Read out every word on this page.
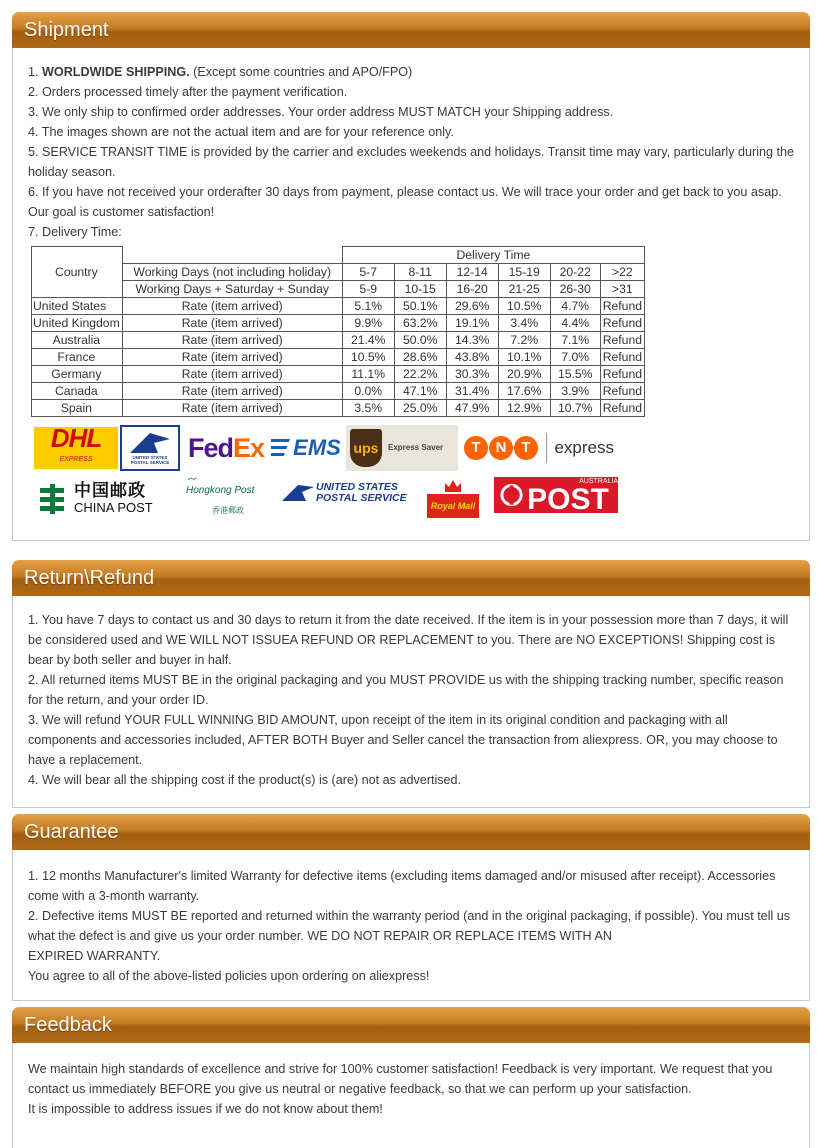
Shipment

1. WORLDWIDE SHIPPING. (Except some countries and APO/FPO)

2. Orders processed timely after the payment verification.

3. We only ship to confirmed order addresses. Your order address MUST MATCH your Shipping address.

4. The images shown are not the actual item and are for your reference only.

5. SERVICE TRANSIT TIME is provided by the carrier and excludes weekends and holidays. Transit time may vary, particularly during the holiday season.

6. If you have not received your orderafter 30 days from payment, please contact us. We will trace your order and get back to you asap. Our goal is customer satisfaction!

7. Delivery Time:

Country		Delivery Time					
	Working Days (not including holiday)	5-7	8-11	12-14	15-19	20-22	>22
	Working Days + Saturday + Sunday	5-9	10-15	16-20	21-25	26-30	>31
United States	Rate (item arrived)	5.1%	50.1%	29.6%	10.5%	4.7%	Refund
United Kingdom	Rate (item arrived)	9.9%	63.2%	19.1%	3.4%	4.4%	Refund
Australia	Rate (item arrived)	21.4%	50.0%	14.3%	7.2%	7.1%	Refund
France	Rate (item arrived)	10.5%	28.6%	43.8%	10.1%	7.0%	Refund
Germany	Rate (item arrived)	11.1%	22.2%	30.3%	20.9%	15.5%	Refund
Canada	Rate (item arrived)	0.0%	47.1%	31.4%	17.6%	3.9%	Refund
Spain	Rate (item arrived)	3.5%	25.0%	47.9%	12.9%	10.7%	Refund
DHL
EXPRESS	UNITED STATES POSTAL SERVICE Fed Ex EMS ups Express Saver	T	N T	express
中国邮政
CHINA POST
Hongkong Post
香港郵政
UNITED STATES
POSTAL SERVICE
Royal Mail
AUSTRALIA
POST
Return\Refund

1. You have 7 days to contact us and 30 days to return it from the date received. If the item is in your possession more than 7 days, it will be considered used and WE WILL NOT ISSUEA REFUND OR REPLACEMENT to you. There are NO EXCEPTIONS! Shipping cost is bear by both seller and buyer in half.

2. All returned items MUST BE in the original packaging and you MUST PROVIDE us with the shipping tracking number, specific reason for the return, and your order ID.

3. We will refund YOUR FULL WINNING BID AMOUNT, upon receipt of the item in its original condition and packaging with all components and accessories included, AFTER BOTH Buyer and Seller cancel the transaction from aliexpress. OR, you may choose to have a replacement.

4. We will bear all the shipping cost if the product(s) is (are) not as advertised.

Guarantee

1. 12 months Manufacturer's limited Warranty for defective items (excluding items damaged and/or misused after receipt). Accessories come with a 3-month warranty.

2. Defective items MUST BE reported and returned within the warranty period (and in the original packaging, if possible). You must tell us what the defect is and give us your order number. WE DO NOT REPAIR OR REPLACE ITEMS WITH AN

EXPIRED WARRANTY.

You agree to all of the above-listed policies upon ordering on aliexpress!

Feedback

We maintain high standards of excellence and strive for 100% customer satisfaction! Feedback is very important. We request that you contact us immediately BEFORE you give us neutral or negative feedback, so that we can perform up your satisfaction.

It is impossible to address issues if we do not know about them!
